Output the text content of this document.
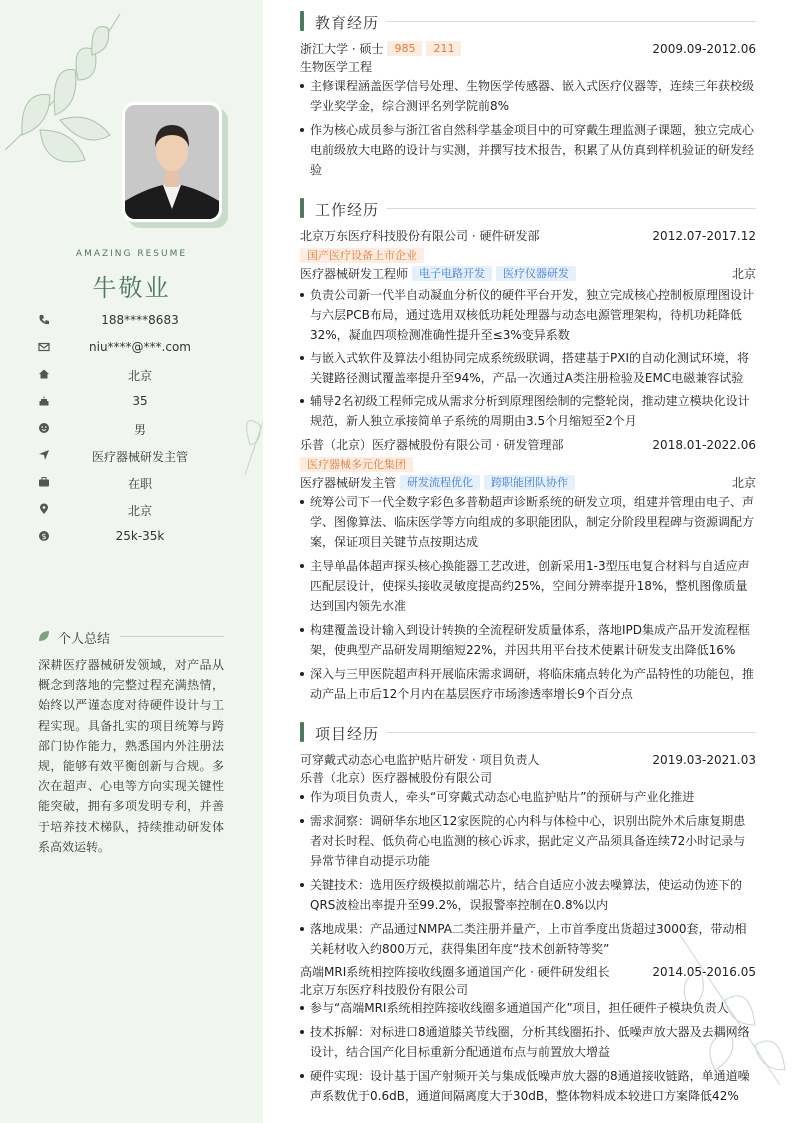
AMAZING RESUME
牛敬业
188****8683
niu****@***.com
北京
35
男
医疗器械研发主管
在职
北京
$	25k-35k
个人总结
深耕医疗器械研发领域，对产品从概念到落地的完整过程充满热情，始终以严谨态度对待硬件设计与工程实现。具备扎实的项目统筹与跨部门协作能力，熟悉国内外注册法规，能够有效平衡创新与合规。多次在超声、心电等方向实现关键性能突破，拥有多项发明专利，并善于培养技术梯队，持续推动研发体系高效运转。
教育经历
浙江大学 · 硕士 985 211	2009.09-2012.06
生物医学工程
主修课程涵盖医学信号处理、生物医学传感器、嵌入式医疗仪器等，连续三年获校级学业奖学金，综合测评名列学院前8%
作为核心成员参与浙江省自然科学基金项目中的可穿戴生理监测子课题，独立完成心电前级放大电路的设计与实测，并撰写技术报告，积累了从仿真到样机验证的研发经验
工作经历
北京万东医疗科技股份有限公司 · 硬件研发部	2012.07-2017.12
国产医疗设备上市企业
医疗器械研发工程师 电子电路开发 医疗仪器研发	北京
负责公司新一代半自动凝血分析仪的硬件平台开发，独立完成核心控制板原理图设计与六层PCB布局，通过选用双核低功耗处理器与动态电源管理架构，待机功耗降低32%，凝血四项检测准确性提升至≤3%变异系数
与嵌入式软件及算法小组协同完成系统级联调，搭建基于PXI的自动化测试环境，将关键路径测试覆盖率提升至94%，产品一次通过A类注册检验及EMC电磁兼容试验
辅导2名初级工程师完成从需求分析到原理图绘制的完整轮岗，推动建立模块化设计规范，新人独立承接简单子系统的周期由3.5个月缩短至2个月
乐普（北京）医疗器械股份有限公司 · 研发管理部	2018.01-2022.06
医疗器械多元化集团
医疗器械研发主管 研发流程优化 跨职能团队协作	北京
统筹公司下一代全数字彩色多普勒超声诊断系统的研发立项，组建并管理由电子、声学、图像算法、临床医学等方向组成的多职能团队，制定分阶段里程碑与资源调配方案，保证项目关键节点按期达成
主导单晶体超声探头核心换能器工艺改进，创新采用1-3型压电复合材料与自适应声匹配层设计，使探头接收灵敏度提高约25%，空间分辨率提升18%，整机图像质量达到国内领先水准
构建覆盖设计输入到设计转换的全流程研发质量体系，落地IPD集成产品开发流程框架，使典型产品研发周期缩短22%，并因共用平台技术使累计研发支出降低16%
深入与三甲医院超声科开展临床需求调研，将临床痛点转化为产品特性的功能包，推动产品上市后12个月内在基层医疗市场渗透率增长9个百分点
项目经历
可穿戴式动态心电监护贴片研发 · 项目负责人	2019.03-2021.03
乐普（北京）医疗器械股份有限公司
作为项目负责人，牵头“可穿戴式动态心电监护贴片”的预研与产业化推进
需求洞察：调研华东地区12家医院的心内科与体检中心，识别出院外术后康复期患者对长时程、低负荷心电监测的核心诉求，据此定义产品须具备连续72小时记录与异常节律自动提示功能
关键技术：选用医疗级模拟前端芯片，结合自适应小波去噪算法，使运动伪迹下的QRS波检出率提升至99.2%，误报警率控制在0.8%以内
落地成果：产品通过NMPA二类注册并量产，上市首季度出货超过3000套，带动相关耗材收入约800万元，获得集团年度“技术创新特等奖”
高端MRI系统相控阵接收线圈多通道国产化 · 硬件研发组长	2014.05-2016.05
北京万东医疗科技股份有限公司
参与“高端MRI系统相控阵接收线圈多通道国产化”项目，担任硬件子模块负责人
技术拆解：对标进口8通道膝关节线圈，分析其线圈拓扑、低噪声放大器及去耦网络设计，结合国产化目标重新分配通道布点与前置放大增益
硬件实现：设计基于国产射频开关与集成低噪声放大器的8通道接收链路，单通道噪声系数优于0.6dB，通道间隔离度大于30dB，整体物料成本较进口方案降低42%
